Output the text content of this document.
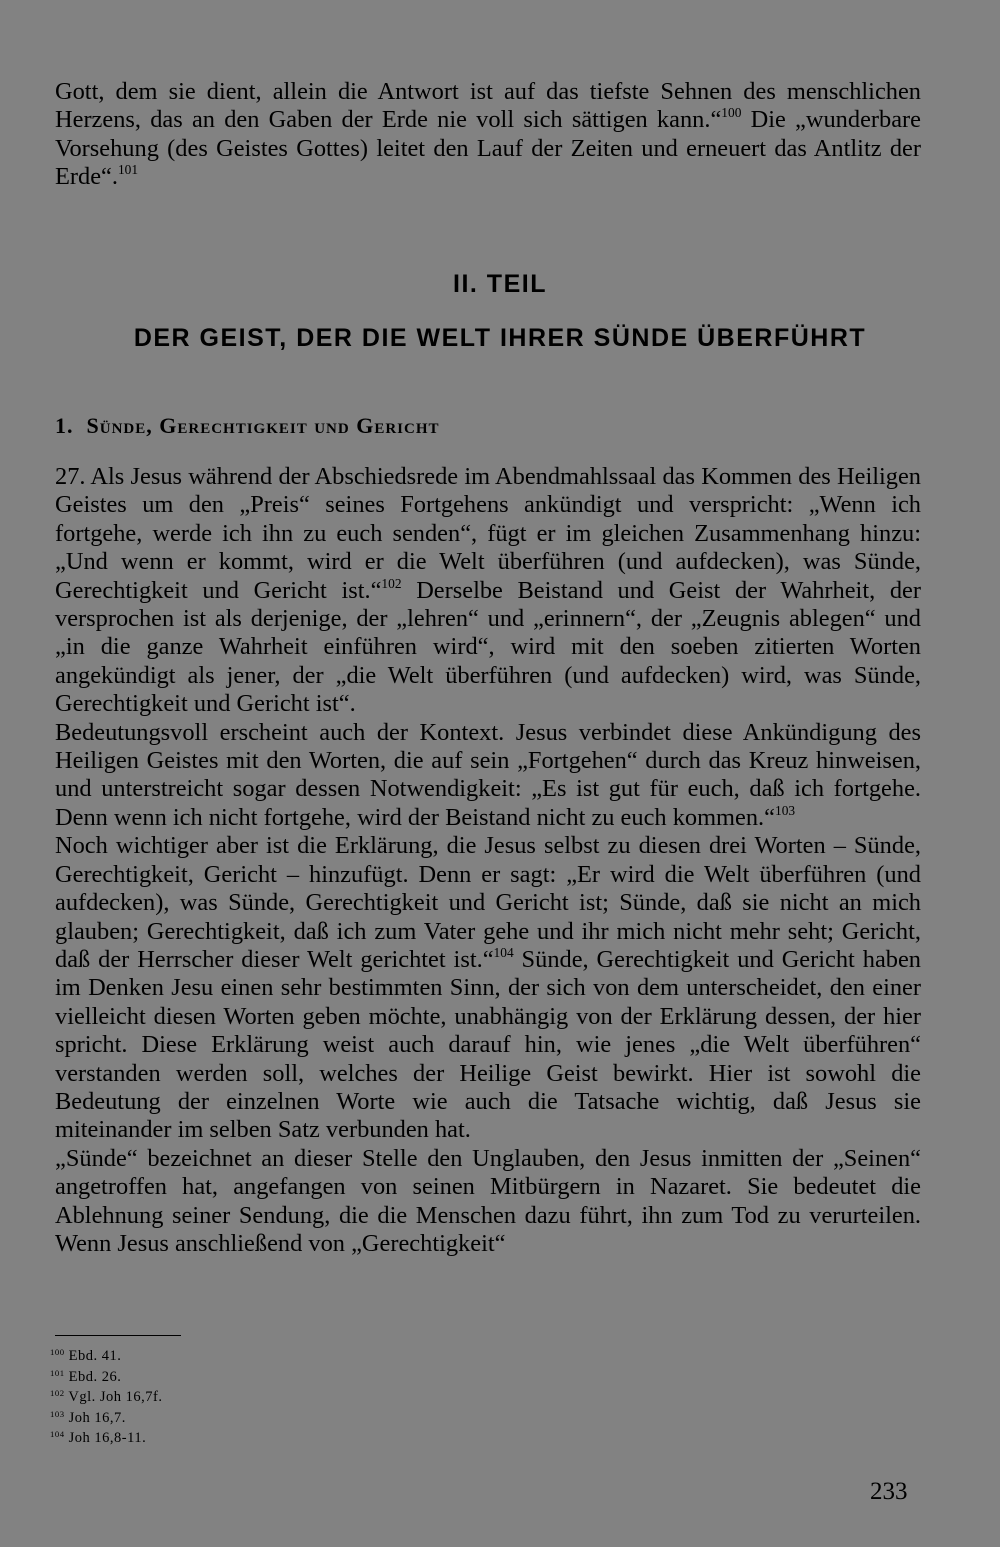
Gott, dem sie dient, allein die Antwort ist auf das tiefste Sehnen des menschlichen Herzens, das an den Gaben der Erde nie voll sich sättigen kann.“$^{100}$ Die „wunderbare Vorsehung (des Geistes Gottes) leitet den Lauf der Zeiten und erneuert das Antlitz der Erde“.$^{101}$

II. TEIL
DER GEIST, DER DIE WELT IHRER SÜNDE ÜBERFÜHRT
1. Sünde, Gerechtigkeit und Gericht

27. Als Jesus während der Abschiedsrede im Abendmahlssaal das Kommen des Heiligen Geistes um den „Preis“ seines Fortgehens ankündigt und verspricht: „Wenn ich fortgehe, werde ich ihn zu euch senden“, fügt er im gleichen Zusammenhang hinzu: „Und wenn er kommt, wird er die Welt überführen (und aufdecken), was Sünde, Gerechtigkeit und Gericht ist.“$^{102}$ Derselbe Beistand und Geist der Wahrheit, der versprochen ist als derjenige, der „lehren“ und „erinnern“, der „Zeugnis ablegen“ und „in die ganze Wahrheit einführen wird“, wird mit den soeben zitierten Worten angekündigt als jener, der „die Welt überführen (und aufdecken) wird, was Sünde, Gerechtigkeit und Gericht ist“.

Bedeutungsvoll erscheint auch der Kontext. Jesus verbindet diese Ankündigung des Heiligen Geistes mit den Worten, die auf sein „Fortgehen“ durch das Kreuz hinweisen, und unterstreicht sogar dessen Notwendigkeit: „Es ist gut für euch, daß ich fortgehe. Denn wenn ich nicht fortgehe, wird der Beistand nicht zu euch kommen.“$^{103}$

Noch wichtiger aber ist die Erklärung, die Jesus selbst zu diesen drei Worten – Sünde, Gerechtigkeit, Gericht – hinzufügt. Denn er sagt: „Er wird die Welt überführen (und aufdecken), was Sünde, Gerechtigkeit und Gericht ist; Sünde, daß sie nicht an mich glauben; Gerechtigkeit, daß ich zum Vater gehe und ihr mich nicht mehr seht; Gericht, daß der Herrscher dieser Welt gerichtet ist.“$^{104}$ Sünde, Gerechtigkeit und Gericht haben im Denken Jesu einen sehr bestimmten Sinn, der sich von dem unterscheidet, den einer vielleicht diesen Worten geben möchte, unabhängig von der Erklärung dessen, der hier spricht. Diese Erklärung weist auch darauf hin, wie jenes „die Welt überführen“ verstanden werden soll, welches der Heilige Geist bewirkt. Hier ist sowohl die Bedeutung der einzelnen Worte wie auch die Tatsache wichtig, daß Jesus sie miteinander im selben Satz verbunden hat.

„Sünde“ bezeichnet an dieser Stelle den Unglauben, den Jesus inmitten der „Seinen“ angetroffen hat, angefangen von seinen Mitbürgern in Nazaret. Sie bedeutet die Ablehnung seiner Sendung, die die Menschen dazu führt, ihn zum Tod zu verurteilen. Wenn Jesus anschließend von „Gerechtigkeit“

$^{100}$ Ebd. 41.
$^{101}$ Ebd. 26.
$^{102}$ Vgl. Joh 16,7f.
$^{103}$ Joh 16,7.
$^{104}$ Joh 16,8-11.
233
